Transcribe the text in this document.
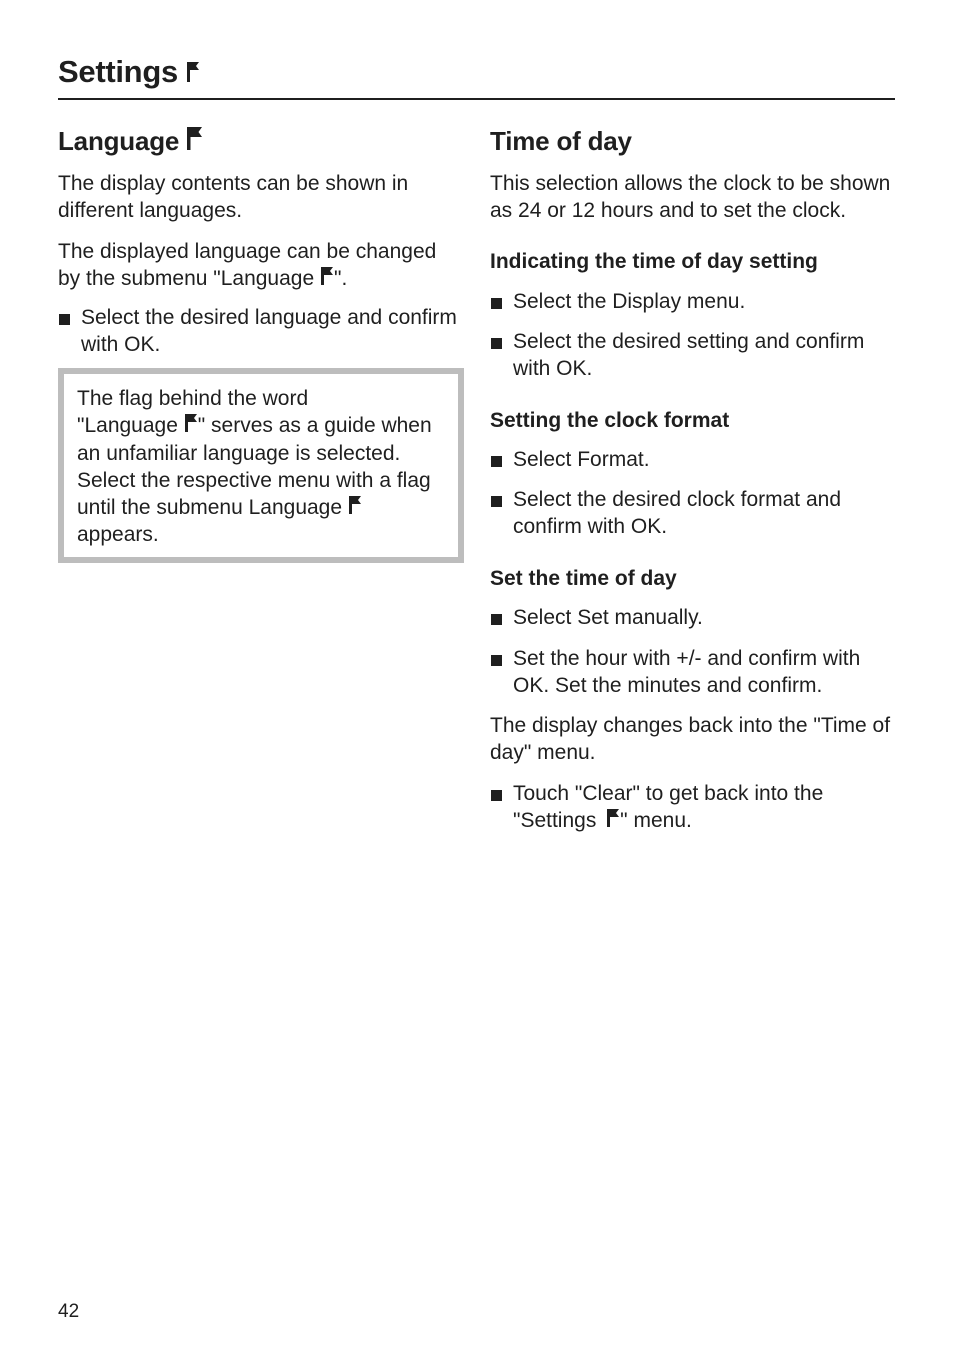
Settings
Language

The display contents can be shown in different languages.

The displayed language can be changed by the submenu "Language ".

Select the desired language and confirm with OK.

The flag behind the word

"Language " serves as a guide when an unfamiliar language is selected.

Select the respective menu with a flag until the submenu Language  appears.

Time of day

This selection allows the clock to be shown as 24 or 12 hours and to set the clock.

Indicating the time of day setting
Select the Display menu.
Select the desired setting and confirm with OK.
Setting the clock format
Select Format.
Select the desired clock format and confirm with OK.
Set the time of day
Select Set manually.
Set the hour with +/- and confirm with OK. Set the minutes and confirm.

The display changes back into the "Time of day" menu.

Touch "Clear" to get back into the "Settings " menu.
42
